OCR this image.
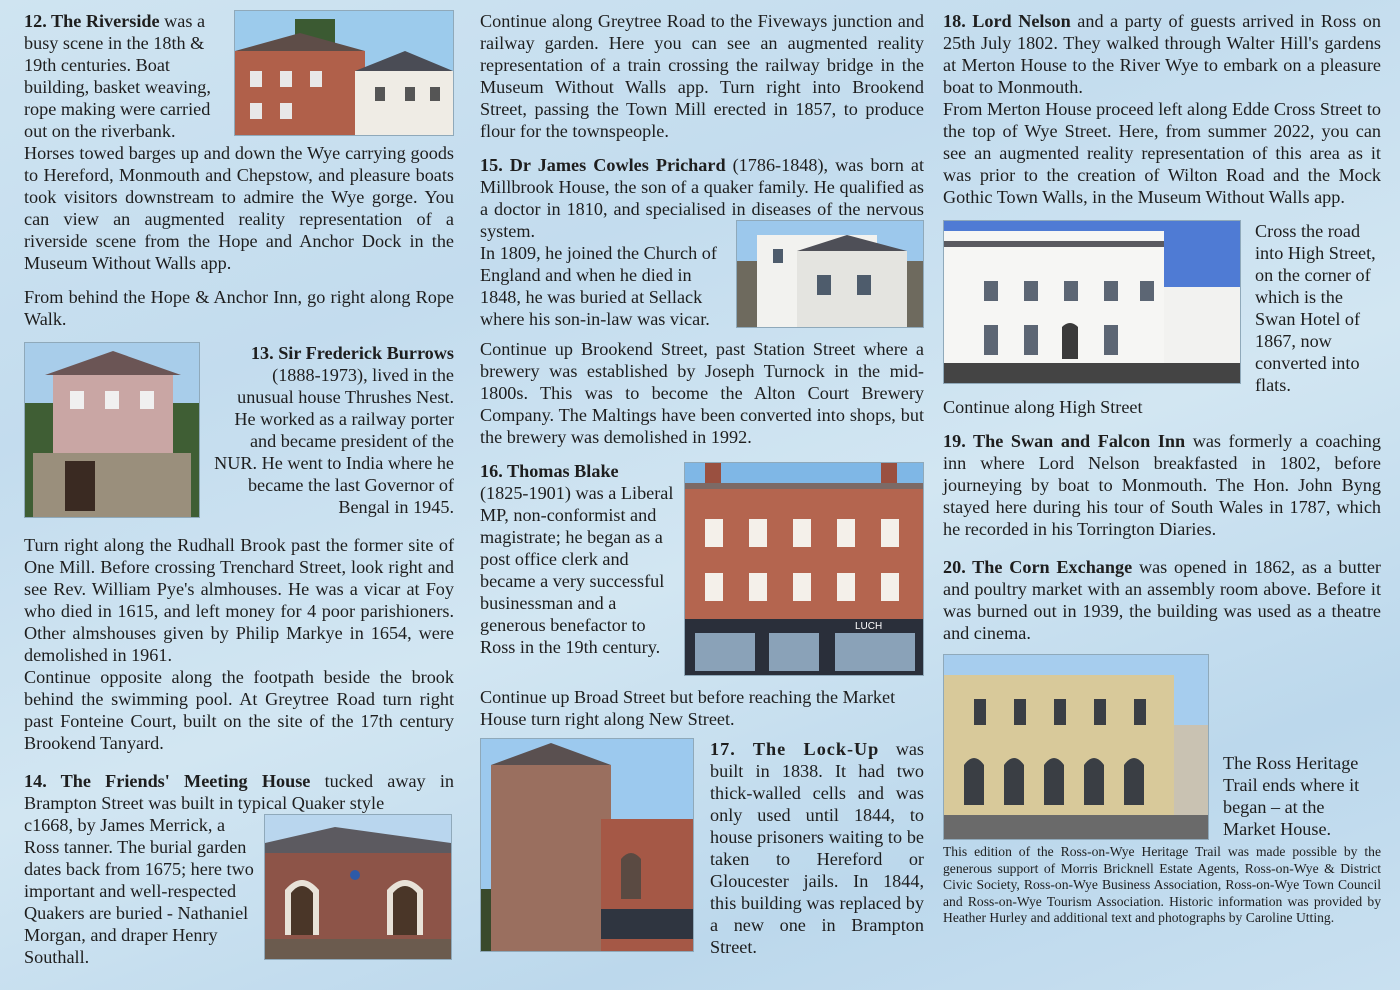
12. The Riverside was a busy scene in the 18th & 19th centuries. Boat building, basket weaving, rope making were carried out on the riverbank.

Horses towed barges up and down the Wye carrying goods to Hereford, Monmouth and Chepstow, and pleasure boats took visitors downstream to admire the Wye gorge. You can view an augmented reality representation of a riverside scene from the Hope and Anchor Dock in the Museum Without Walls app.

From behind the Hope & Anchor Inn, go right along Rope Walk.

13. Sir Frederick Burrows
(1888-1973), lived in the unusual house Thrushes Nest. He worked as a railway porter and became president of the NUR. He went to India where he became the last Governor of Bengal in 1945.

Turn right along the Rudhall Brook past the former site of One Mill. Before crossing Trenchard Street, look right and see Rev. William Pye's almhouses. He was a vicar at Foy who died in 1615, and left money for 4 poor parishioners. Other almshouses given by Philip Markye in 1654, were demolished in 1961.

Continue opposite along the footpath beside the brook behind the swimming pool. At Greytree Road turn right past Fonteine Court, built on the site of the 17th century Brookend Tanyard.

14. The Friends' Meeting House tucked away in Brampton Street was built in typical Quaker style

c1668, by James Merrick, a Ross tanner. The burial garden dates back from 1675; here two important and well-respected Quakers are buried - Nathaniel Morgan, and draper Henry Southall.

Continue along Greytree Road to the Fiveways junction and railway garden. Here you can see an augmented reality representation of a train crossing the railway bridge in the Museum Without Walls app. Turn right into Brookend Street, passing the Town Mill erected in 1857, to produce flour for the townspeople.

15. Dr James Cowles Prichard (1786-1848), was born at Millbrook House, the son of a quaker family. He qualified as a doctor in 1810, and specialised in diseases of the nervous system.

In 1809, he joined the Church of England and when he died in 1848, he was buried at Sellack where his son-in-law was vicar.

Continue up Brookend Street, past Station Street where a brewery was established by Joseph Turnock in the mid-1800s. This was to become the Alton Court Brewery Company. The Maltings have been converted into shops, but the brewery was demolished in 1992.

LUCH

16. Thomas Blake
(1825-1901) was a Liberal MP, non-conformist and magistrate; he began as a post office clerk and became a very successful businessman and a generous benefactor to Ross in the 19th century.

Continue up Broad Street but before reaching the Market House turn right along New Street.

17. The Lock-Up was built in 1838. It had two thick-walled cells and was only used until 1844, to house prisoners waiting to be taken to Hereford or Gloucester jails. In 1844, this building was replaced by a new one in Brampton Street.

18. Lord Nelson and a party of guests arrived in Ross on 25th July 1802. They walked through Walter Hill's gardens at Merton House to the River Wye to embark on a pleasure boat to Monmouth.

From Merton House proceed left along Edde Cross Street to the top of Wye Street. Here, from summer 2022, you can see an augmented reality representation of this area as it was prior to the creation of Wilton Road and the Mock Gothic Town Walls, in the Museum Without Walls app.

Cross the road into High Street, on the corner of which is the Swan Hotel of 1867, now converted into flats.

Continue along High Street

19. The Swan and Falcon Inn was formerly a coaching inn where Lord Nelson breakfasted in 1802, before journeying by boat to Monmouth. The Hon. John Byng stayed here during his tour of South Wales in 1787, which he recorded in his Torrington Diaries.

20. The Corn Exchange was opened in 1862, as a butter and poultry market with an assembly room above. Before it was burned out in 1939, the building was used as a theatre and cinema.

The Ross Heritage Trail ends where it began – at the Market House.

This edition of the Ross-on-Wye Heritage Trail was made possible by the generous support of Morris Bricknell Estate Agents, Ross-on-Wye & District Civic Society, Ross-on-Wye Business Association, Ross-on-Wye Town Council and Ross-on-Wye Tourism Association. Historic information was provided by Heather Hurley and additional text and photographs by Caroline Utting.
